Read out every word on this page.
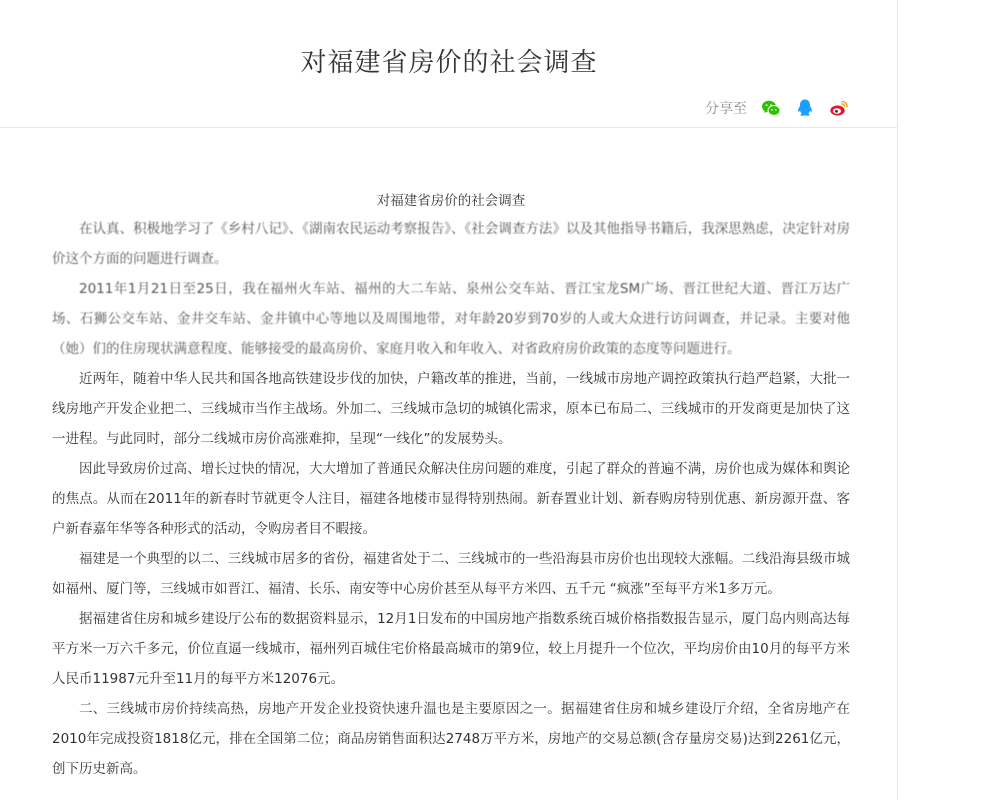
对福建省房价的社会调查
分享至
对福建省房价的社会调查

在认真、积极地学习了《乡村八记》、《湖南农民运动考察报告》、《社会调查方法》以及其他指导书籍后，我深思熟虑，决定针对房价这个方面的问题进行调查。

2011年1月21日至25日，我在福州火车站、福州的大二车站、泉州公交车站、晋江宝龙SM广场、晋江世纪大道、晋江万达广场、石狮公交车站、金井交车站、金井镇中心等地以及周围地带，对年龄20岁到70岁的人或大众进行访问调查，并记录。主要对他（她）们的住房现状满意程度、能够接受的最高房价、家庭月收入和年收入、对省政府房价政策的态度等问题进行。

近两年，随着中华人民共和国各地高铁建设步伐的加快，户籍改革的推进，当前，一线城市房地产调控政策执行趋严趋紧，大批一线房地产开发企业把二、三线城市当作主战场。外加二、三线城市急切的城镇化需求，原本已布局二、三线城市的开发商更是加快了这一进程。与此同时，部分二线城市房价高涨难抑，呈现“一线化”的发展势头。

因此导致房价过高、增长过快的情况，大大增加了普通民众解决住房问题的难度，引起了群众的普遍不满，房价也成为媒体和舆论的焦点。从而在2011年的新春时节就更令人注目，福建各地楼市显得特别热闹。新春置业计划、新春购房特别优惠、新房源开盘、客户新春嘉年华等各种形式的活动，令购房者目不暇接。

福建是一个典型的以二、三线城市居多的省份，福建省处于二、三线城市的一些沿海县市房价也出现较大涨幅。二线沿海县级市城如福州、厦门等，三线城市如晋江、福清、长乐、南安等中心房价甚至从每平方米四、五千元 “疯涨”至每平方米1多万元。

据福建省住房和城乡建设厅公布的数据资料显示，12月1日发布的中国房地产指数系统百城价格指数报告显示，厦门岛内则高达每平方米一万六千多元，价位直逼一线城市，福州列百城住宅价格最高城市的第9位，较上月提升一个位次，平均房价由10月的每平方米人民币11987元升至11月的每平方米12076元。

二、三线城市房价持续高热，房地产开发企业投资快速升温也是主要原因之一。据福建省住房和城乡建设厅介绍，全省房地产在2010年完成投资1818亿元，排在全国第二位；商品房销售面积达2748万平方米，房地产的交易总额(含存量房交易)达到2261亿元，创下历史新高。
